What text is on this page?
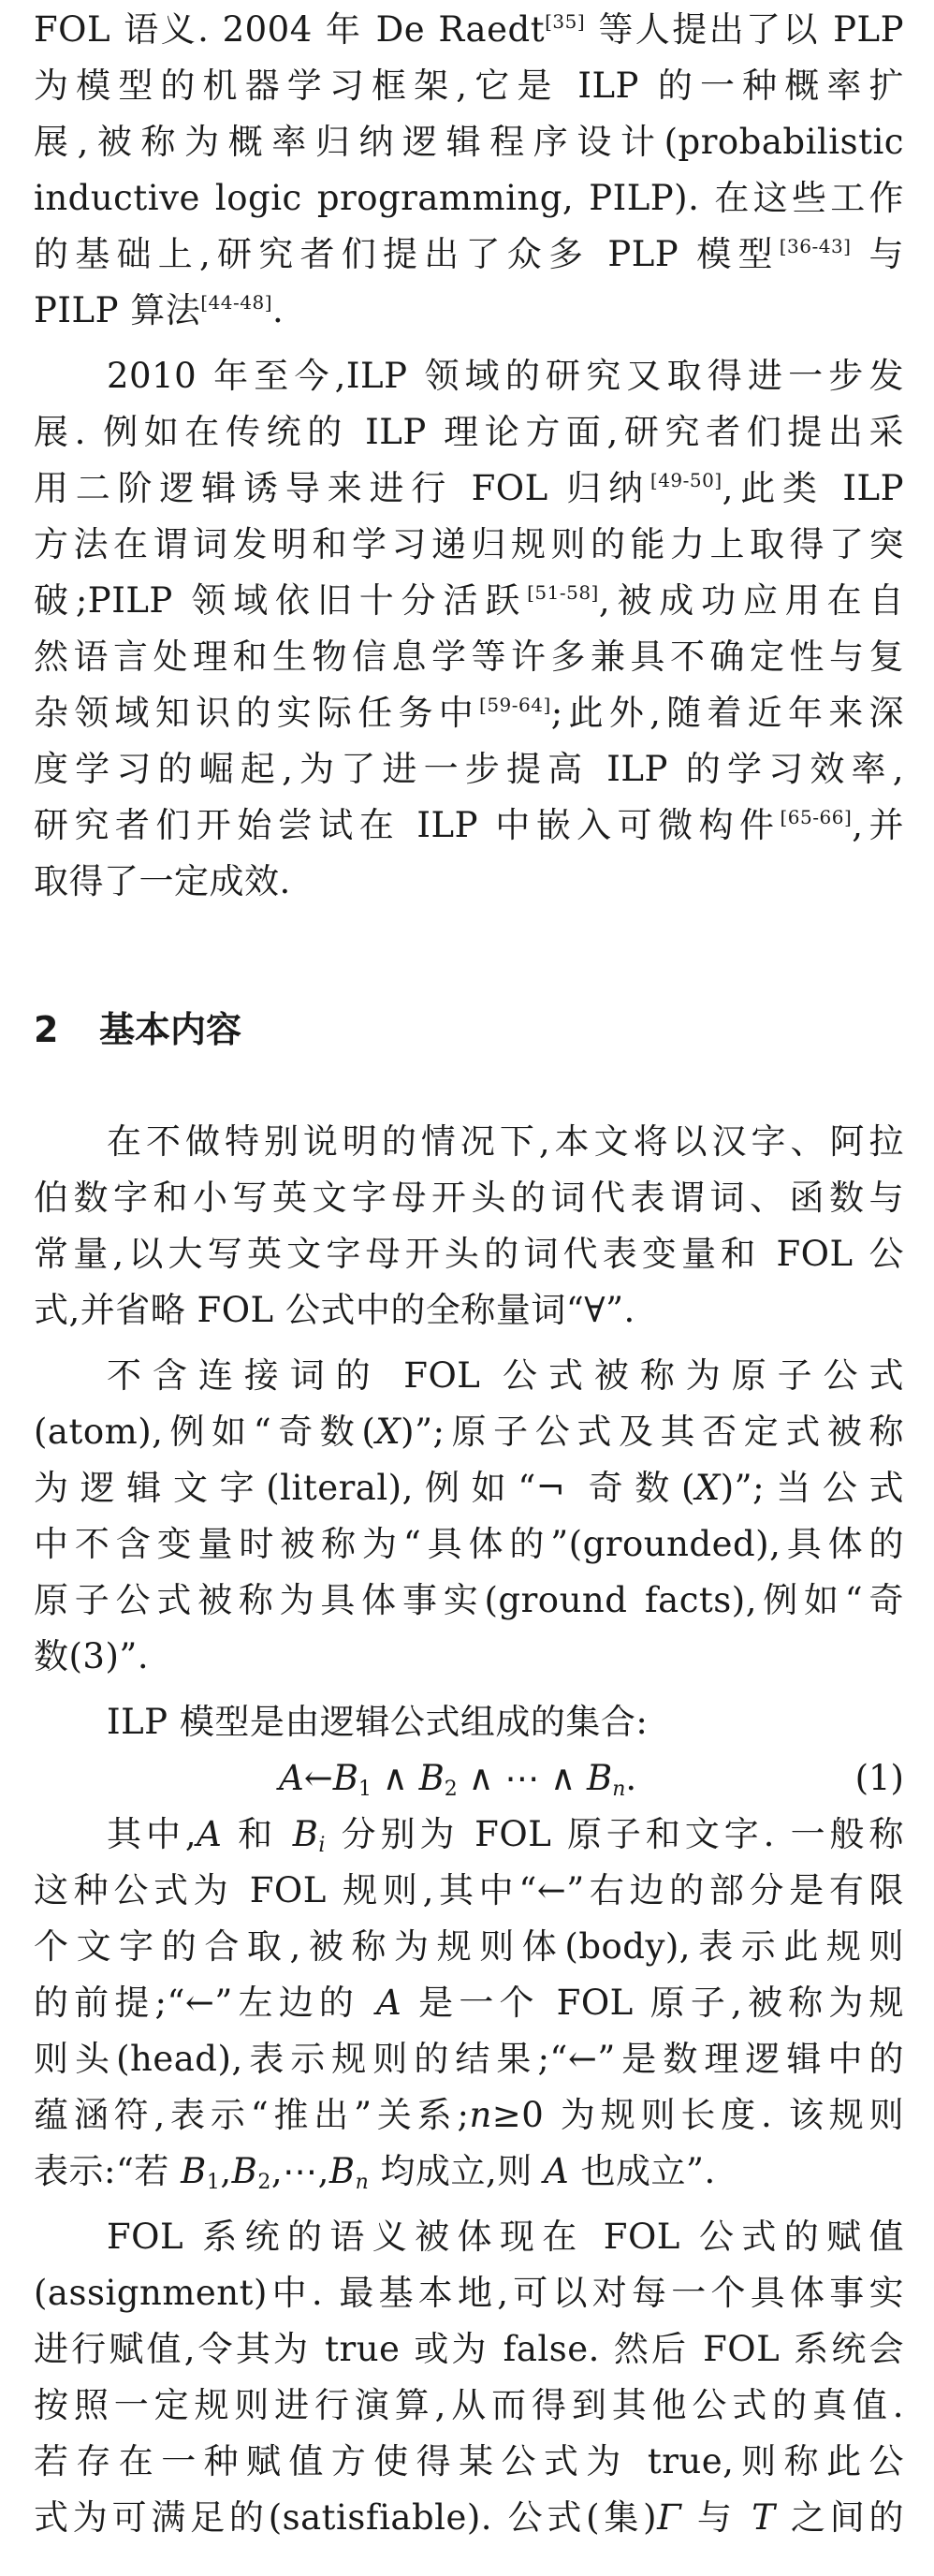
FOL 语义. 2004 年 De Raedt[35] 等人提出了以 PLP
为模型的机器学习框架,它是 ILP 的一种概率扩
展,被称为概率归纳逻辑程序设计(probabilistic
inductive logic programming, PILP). 在这些工作
的基础上,研究者们提出了众多 PLP 模型[36-43] 与
PILP 算法[44-48].
2010 年至今,ILP 领域的研究又取得进一步发
展. 例如在传统的 ILP 理论方面,研究者们提出采
用二阶逻辑诱导来进行 FOL 归纳[49-50],此类 ILP
方法在谓词发明和学习递归规则的能力上取得了突
破;PILP 领域依旧十分活跃[51-58],被成功应用在自
然语言处理和生物信息学等许多兼具不确定性与复
杂领域知识的实际任务中[59-64];此外,随着近年来深
度学习的崛起,为了进一步提高 ILP 的学习效率,
研究者们开始尝试在 ILP 中嵌入可微构件[65-66],并
取得了一定成效.
2 基本内容
在不做特别说明的情况下,本文将以汉字、阿拉
伯数字和小写英文字母开头的词代表谓词、函数与
常量,以大写英文字母开头的词代表变量和 FOL 公
式,并省略 FOL 公式中的全称量词“∀”.
不含连接词的 FOL 公式被称为原子公式
(atom),例如“奇数(X)”;原子公式及其否定式被称
为逻辑文字(literal),例如“¬ 奇数(X)”;当公式
中不含变量时被称为“具体的”(grounded),具体的
原子公式被称为具体事实(ground facts),例如“奇
数(3)”.
ILP 模型是由逻辑公式组成的集合:
$A\leftarrow B_1$ ∧ $B_2$ ∧ ⋯ ∧ $B_n$.	(1)
其中,A 和 $B_i$ 分别为 FOL 原子和文字. 一般称
这种公式为 FOL 规则,其中“←”右边的部分是有限
个文字的合取,被称为规则体(body),表示此规则
的前提;“←”左边的 A 是一个 FOL 原子,被称为规
则头(head),表示规则的结果;“←”是数理逻辑中的
蕴涵符,表示“推出”关系;n≥0 为规则长度. 该规则
表示:“若 $B_1,B_2,\cdots,B_n$ 均成立,则 A 也成立”.
FOL 系统的语义被体现在 FOL 公式的赋值
(assignment)中. 最基本地,可以对每一个具体事实
进行赋值,令其为 true 或为 false. 然后 FOL 系统会
按照一定规则进行演算,从而得到其他公式的真值.
若存在一种赋值方使得某公式为 true,则称此公
式为可满足的(satisfiable). 公式(集)Γ 与 T 之间的
